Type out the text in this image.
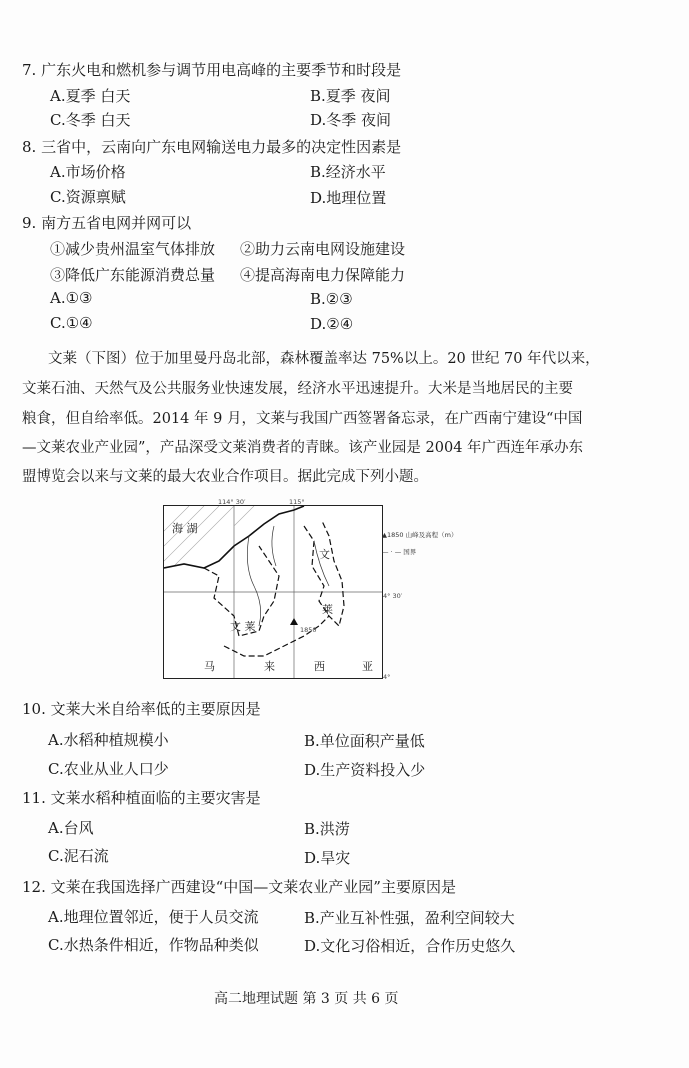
7. 广东火电和燃机参与调节用电高峰的主要季节和时段是
A.夏季 白天	B.夏季 夜间
C.冬季 白天	D.冬季 夜间
8. 三省中，云南向广东电网输送电力最多的决定性因素是
A.市场价格	B.经济水平
C.资源禀赋	D.地理位置
9. 南方五省电网并网可以
①减少贵州温室气体排放 ②助力云南电网设施建设
③降低广东能源消费总量 ④提高海南电力保障能力
A.①③	B.②③
C.①④	D.②④
文莱（下图）位于加里曼丹岛北部，森林覆盖率达 75%以上。20 世纪 70 年代以来，
文莱石油、天然气及公共服务业快速发展，经济水平迅速提升。大米是当地居民的主要
粮食，但自给率低。2014 年 9 月，文莱与我国广西签署备忘录，在广西南宁建设“中国
—文莱农业产业园”，产品深受文莱消费者的青睐。该产业园是 2004 年广西连年承办东
盟博览会以来与文莱的最大农业合作项目。据此完成下列小题。
海 湖
文 莱
文
莱
马	来	西	亚
1850
114° 30′	115°
4° 30′
4°
▲1850 山峰及高程（m）
— · — 国界
10. 文莱大米自给率低的主要原因是
A.水稻种植规模小	B.单位面积产量低
C.农业从业人口少	D.生产资料投入少
11. 文莱水稻种植面临的主要灾害是
A.台风	B.洪涝
C.泥石流	D.旱灾
12. 文莱在我国选择广西建设“中国—文莱农业产业园”主要原因是
A.地理位置邻近，便于人员交流	B.产业互补性强，盈利空间较大
C.水热条件相近，作物品种类似	D.文化习俗相近，合作历史悠久
高二地理试题 第 3 页 共 6 页
